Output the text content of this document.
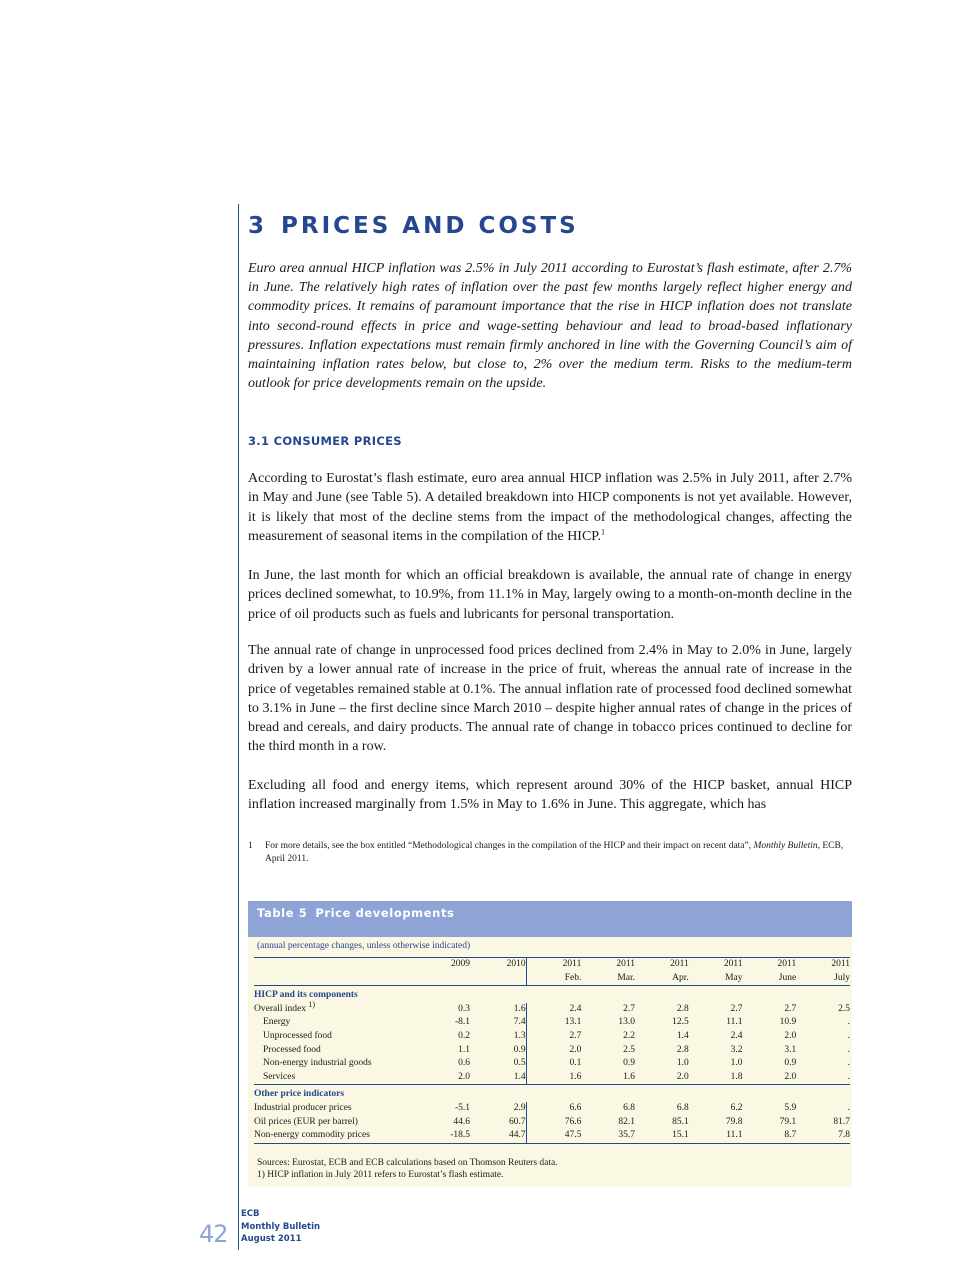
3 PRICES AND COSTS

Euro area annual HICP inflation was 2.5% in July 2011 according to Eurostat’s flash estimate, after 2.7% in June. The relatively high rates of inflation over the past few months largely reflect higher energy and commodity prices. It remains of paramount importance that the rise in HICP inflation does not translate into second-round effects in price and wage-setting behaviour and lead to broad-based inflationary pressures. Inflation expectations must remain firmly anchored in line with the Governing Council’s aim of maintaining inflation rates below, but close to, 2% over the medium term. Risks to the medium-term outlook for price developments remain on the upside.

3.1 CONSUMER PRICES

According to Eurostat’s flash estimate, euro area annual HICP inflation was 2.5% in July 2011, after 2.7% in May and June (see Table 5). A detailed breakdown into HICP components is not yet available. However, it is likely that most of the decline stems from the impact of the methodological changes, affecting the measurement of seasonal items in the compilation of the HICP.$^1$

In June, the last month for which an official breakdown is available, the annual rate of change in energy prices declined somewhat, to 10.9%, from 11.1% in May, largely owing to a month-on-month decline in the price of oil products such as fuels and lubricants for personal transportation.

The annual rate of change in unprocessed food prices declined from 2.4% in May to 2.0% in June, largely driven by a lower annual rate of increase in the price of fruit, whereas the annual rate of increase in the price of vegetables remained stable at 0.1%. The annual inflation rate of processed food declined somewhat to 3.1% in June – the first decline since March 2010 – despite higher annual rates of change in the prices of bread and cereals, and dairy products. The annual rate of change in tobacco prices continued to decline for the third month in a row.

Excluding all food and energy items, which represent around 30% of the HICP basket, annual HICP inflation increased marginally from 1.5% in May to 1.6% in June. This aggregate, which has

1 For more details, see the box entitled “Methodological changes in the compilation of the HICP and their impact on recent data”, Monthly Bulletin, ECB, April 2011.

Table 5 Price developments
(annual percentage changes, unless otherwise indicated)
	2009	2010	2011	2011	2011	2011	2011	2011
			Feb.	Mar.	Apr.	May	June	July
HICP and its components								
Overall index $^{1)}$	0.3	1.6	2.4	2.7	2.8	2.7	2.7	2.5
Energy	-8.1	7.4	13.1	13.0	12.5	11.1	10.9	.
Unprocessed food	0.2	1.3	2.7	2.2	1.4	2.4	2.0	.
Processed food	1.1	0.9	2.0	2.5	2.8	3.2	3.1	.
Non-energy industrial goods	0.6	0.5	0.1	0.9	1.0	1.0	0.9	.
Services	2.0	1.4	1.6	1.6	2.0	1.8	2.0	.
Other price indicators								
Industrial producer prices	-5.1	2.9	6.6	6.8	6.8	6.2	5.9	.
Oil prices (EUR per barrel)	44.6	60.7	76.6	82.1	85.1	79.8	79.1	81.7
Non-energy commodity prices	-18.5	44.7	47.5	35.7	15.1	11.1	8.7	7.8
Sources: Eurostat, ECB and ECB calculations based on Thomson Reuters data.
1) HICP inflation in July 2011 refers to Eurostat’s flash estimate.
42
ECB
Monthly Bulletin
August 2011
